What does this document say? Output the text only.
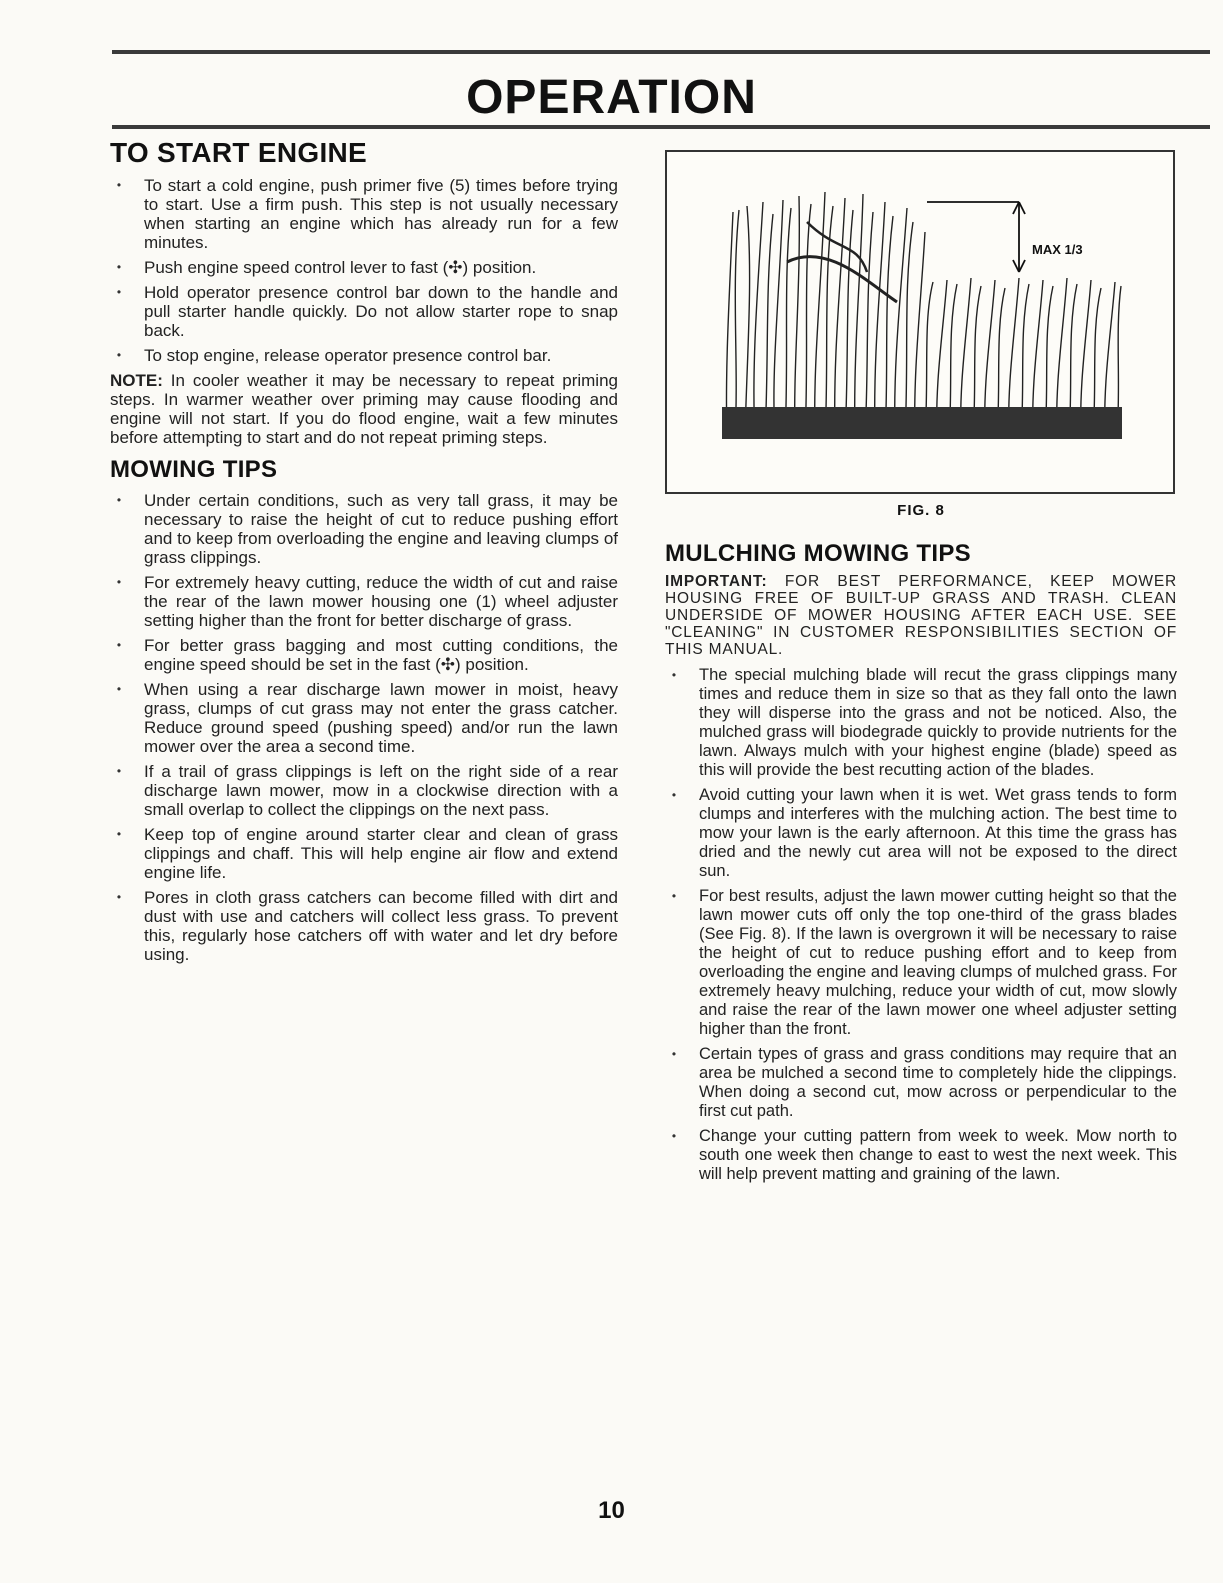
OPERATION
TO START ENGINE
• To start a cold engine, push primer five (5) times before trying to start. Use a firm push. This step is not usually necessary when starting an engine which has already run for a few minutes.
• Push engine speed control lever to fast (✣) position.
• Hold operator presence control bar down to the handle and pull starter handle quickly. Do not allow starter rope to snap back.
• To stop engine, release operator presence control bar.

NOTE: In cooler weather it may be necessary to repeat priming steps. In warmer weather over priming may cause flooding and engine will not start. If you do flood engine, wait a few minutes before attempting to start and do not repeat priming steps.

MOWING TIPS
• Under certain conditions, such as very tall grass, it may be necessary to raise the height of cut to reduce pushing effort and to keep from overloading the engine and leaving clumps of grass clippings.
• For extremely heavy cutting, reduce the width of cut and raise the rear of the lawn mower housing one (1) wheel adjuster setting higher than the front for better discharge of grass.
• For better grass bagging and most cutting conditions, the engine speed should be set in the fast (✣) position.
• When using a rear discharge lawn mower in moist, heavy grass, clumps of cut grass may not enter the grass catcher. Reduce ground speed (pushing speed) and/or run the lawn mower over the area a second time.
• If a trail of grass clippings is left on the right side of a rear discharge lawn mower, mow in a clockwise direction with a small overlap to collect the clippings on the next pass.
• Keep top of engine around starter clear and clean of grass clippings and chaff. This will help engine air flow and extend engine life.
• Pores in cloth grass catchers can become filled with dirt and dust with use and catchers will collect less grass. To prevent this, regularly hose catchers off with water and let dry before using.
MAX 1/3
FIG. 8
MULCHING MOWING TIPS

IMPORTANT: FOR BEST PERFORMANCE, KEEP MOWER HOUSING FREE OF BUILT-UP GRASS AND TRASH. CLEAN UNDERSIDE OF MOWER HOUSING AFTER EACH USE. SEE "CLEANING" IN CUSTOMER RESPONSIBILITIES SECTION OF THIS MANUAL.

• The special mulching blade will recut the grass clippings many times and reduce them in size so that as they fall onto the lawn they will disperse into the grass and not be noticed. Also, the mulched grass will biodegrade quickly to provide nutrients for the lawn. Always mulch with your highest engine (blade) speed as this will provide the best recutting action of the blades.
• Avoid cutting your lawn when it is wet. Wet grass tends to form clumps and interferes with the mulching action. The best time to mow your lawn is the early afternoon. At this time the grass has dried and the newly cut area will not be exposed to the direct sun.
• For best results, adjust the lawn mower cutting height so that the lawn mower cuts off only the top one-third of the grass blades (See Fig. 8). If the lawn is overgrown it will be necessary to raise the height of cut to reduce pushing effort and to keep from overloading the engine and leaving clumps of mulched grass. For extremely heavy mulching, reduce your width of cut, mow slowly and raise the rear of the lawn mower one wheel adjuster setting higher than the front.
• Certain types of grass and grass conditions may require that an area be mulched a second time to completely hide the clippings. When doing a second cut, mow across or perpendicular to the first cut path.
• Change your cutting pattern from week to week. Mow north to south one week then change to east to west the next week. This will help prevent matting and graining of the lawn.
10
